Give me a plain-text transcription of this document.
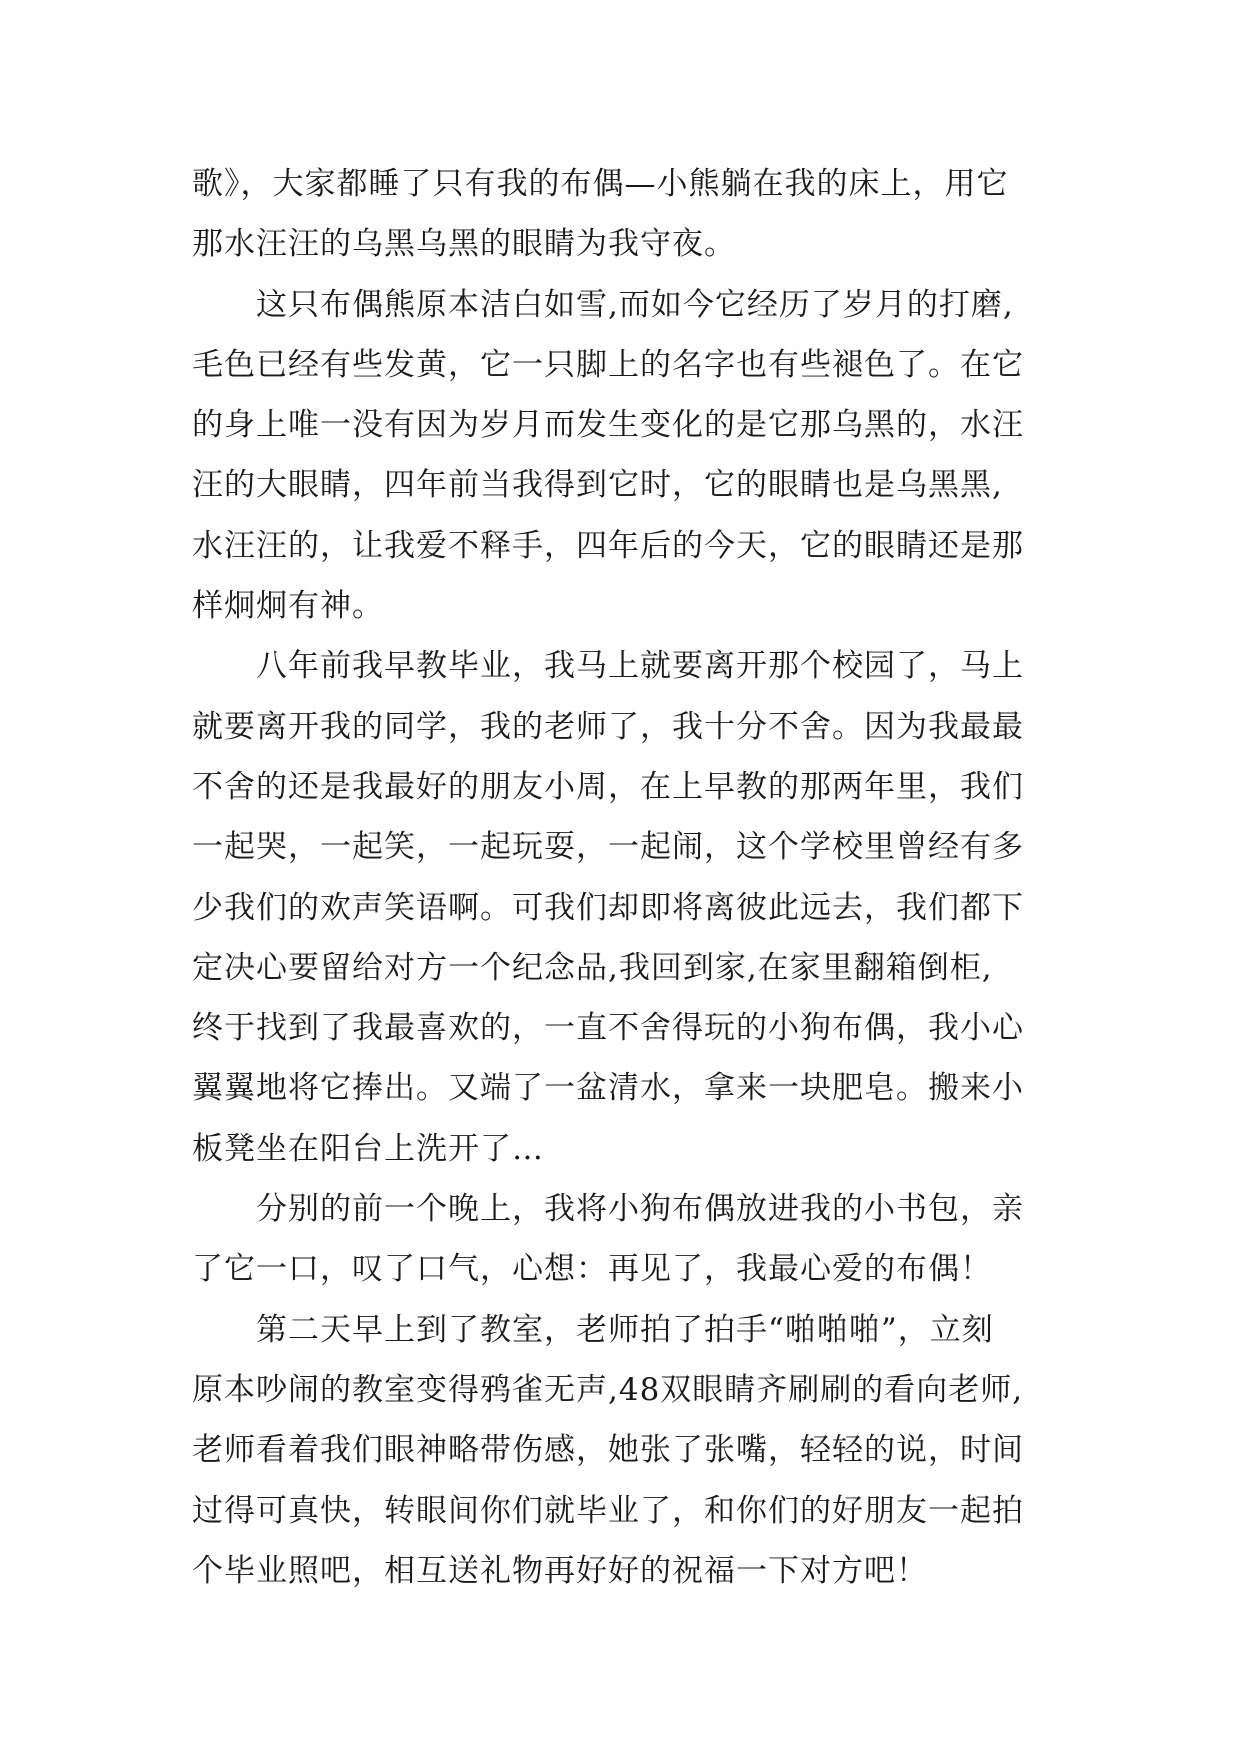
歌》，大家都睡了只有我的布偶—小熊躺在我的床上，用它
那水汪汪的乌黑乌黑的眼睛为我守夜。
这只布偶熊原本洁白如雪,而如今它经历了岁月的打磨,
毛色已经有些发黄，它一只脚上的名字也有些褪色了。在它
的身上唯一没有因为岁月而发生变化的是它那乌黑的，水汪
汪的大眼睛，四年前当我得到它时，它的眼睛也是乌黑黑,
水汪汪的，让我爱不释手，四年后的今天，它的眼睛还是那
样炯炯有神。
八年前我早教毕业，我马上就要离开那个校园了，马上
就要离开我的同学，我的老师了，我十分不舍。因为我最最
不舍的还是我最好的朋友小周，在上早教的那两年里，我们
一起哭，一起笑，一起玩耍，一起闹，这个学校里曾经有多
少我们的欢声笑语啊。可我们却即将离彼此远去，我们都下
定决心要留给对方一个纪念品,我回到家,在家里翻箱倒柜,
终于找到了我最喜欢的，一直不舍得玩的小狗布偶，我小心
翼翼地将它捧出。又端了一盆清水，拿来一块肥皂。搬来小
板凳坐在阳台上洗开了…
分别的前一个晚上，我将小狗布偶放进我的小书包，亲
了它一口，叹了口气，心想：再见了，我最心爱的布偶！
第二天早上到了教室，老师拍了拍手“啪啪啪”，立刻
原本吵闹的教室变得鸦雀无声,48双眼睛齐刷刷的看向老师,
老师看着我们眼神略带伤感，她张了张嘴，轻轻的说，时间
过得可真快，转眼间你们就毕业了，和你们的好朋友一起拍
个毕业照吧，相互送礼物再好好的祝福一下对方吧！
